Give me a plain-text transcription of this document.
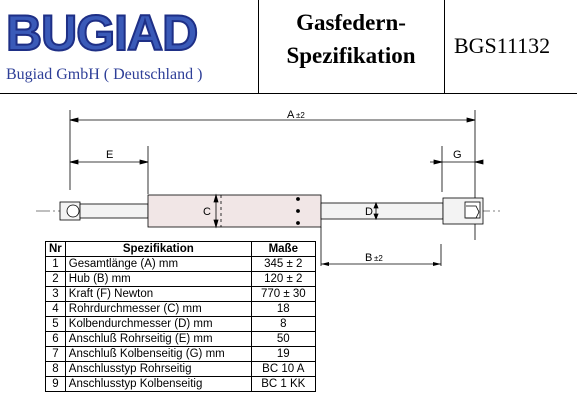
BUGIAD
Bugiad GmbH ( Deutschland )
Gasfedern-
Spezifikation	BGS11132
A ±2
E	G
C	D
B ±2
Nr	Spezifikation	Maße
1	Gesamtlänge (A) mm	345 ± 2
2	Hub (B) mm	120 ± 2
3	Kraft (F) Newton	770 ± 30
4	Rohrdurchmesser (C) mm	18
5	Kolbendurchmesser (D) mm	8
6	Anschluß Rohrseitig (E) mm	50
7	Anschluß Kolbenseitig (G) mm	19
8	Anschlusstyp Rohrseitig	BC 10 A
9	Anschlusstyp Kolbenseitig	BC 1 KK
